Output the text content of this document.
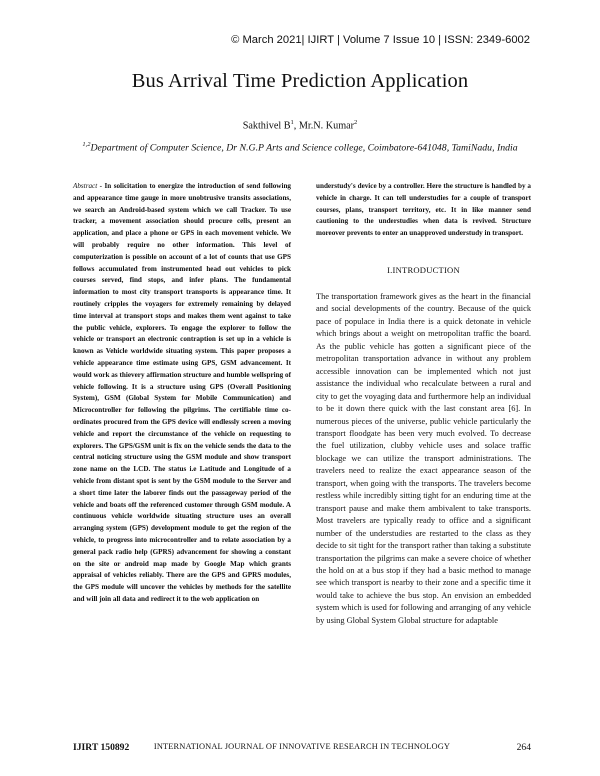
© March 2021| IJIRT | Volume 7 Issue 10 | ISSN: 2349-6002
Bus Arrival Time Prediction Application
Sakthivel $B^1$, Mr.N. Kumar$^2$
$^{1,2}$Department of Computer Science, Dr N.G.P Arts and Science college, Coimbatore-641048, TamiNadu, India
Abstract - In solicitation to energize the introduction of send following and appearance time gauge in more unobtrusive transits associations, we search an Android-based system which we call Tracker. To use tracker, a movement association should procure cells, present an application, and place a phone or GPS in each movement vehicle. We will probably require no other information. This level of computerization is possible on account of a lot of counts that use GPS follows accumulated from instrumented head out vehicles to pick courses served, find stops, and infer plans. The fundamental information to most city transport transports is appearance time. It routinely cripples the voyagers for extremely remaining by delayed time interval at transport stops and makes them went against to take the public vehicle, explorers. To engage the explorer to follow the vehicle or transport an electronic contraption is set up in a vehicle is known as Vehicle worldwide situating system. This paper proposes a vehicle appearance time estimate using GPS, GSM advancement. It would work as thievery affirmation structure and humble wellspring of vehicle following. It is a structure using GPS (Overall Positioning System), GSM (Global System for Mobile Communication) and Microcontroller for following the pilgrims. The certifiable time co-ordinates procured from the GPS device will endlessly screen a moving vehicle and report the circumstance of the vehicle on requesting to explorers. The GPS/GSM unit is fix on the vehicle sends the data to the central noticing structure using the GSM module and show transport zone name on the LCD. The status i.e Latitude and Longitude of a vehicle from distant spot is sent by the GSM module to the Server and a short time later the laborer finds out the passageway period of the vehicle and boats off the referenced customer through GSM module. A continuous vehicle worldwide situating structure uses an overall arranging system (GPS) development module to get the region of the vehicle, to progress into microcontroller and to relate association by a general pack radio help (GPRS) advancement for showing a constant on the site or android map made by Google Map which grants appraisal of vehicles reliably. There are the GPS and GPRS modules, the GPS module will uncover the vehicles by methods for the satellite and will join all data and redirect it to the web application on
understudy's device by a controller. Here the structure is handled by a vehicle in charge. It can tell understudies for a couple of transport courses, plans, transport territory, etc. It in like manner send cautioning to the understudies when data is revived. Structure moreover prevents to enter an unapproved understudy in transport.
I.INTRODUCTION
The transportation framework gives as the heart in the financial and social developments of the country. Because of the quick pace of populace in India there is a quick detonate in vehicle which brings about a weight on metropolitan traffic the board. As the public vehicle has gotten a significant piece of the metropolitan transportation advance in without any problem accessible innovation can be implemented which not just assistance the individual who recalculate between a rural and city to get the voyaging data and furthermore help an individual to be it down there quick with the last constant area [6]. In numerous pieces of the universe, public vehicle particularly the transport floodgate has been very much evolved. To decrease the fuel utilization, clubby vehicle uses and solace traffic blockage we can utilize the transport administrations. The travelers need to realize the exact appearance season of the transport, when going with the transports. The travelers become restless while incredibly sitting tight for an enduring time at the transport pause and make them ambivalent to take transports. Most travelers are typically ready to office and a significant number of the understudies are restarted to the class as they decide to sit tight for the transport rather than taking a substitute transportation the pilgrims can make a severe choice of whether the hold on at a bus stop if they had a basic method to manage see which transport is nearby to their zone and a specific time it would take to achieve the bus stop. An envision an embedded system which is used for following and arranging of any vehicle by using Global System Global structure for adaptable
IJIRT 150892	INTERNATIONAL JOURNAL OF INNOVATIVE RESEARCH IN TECHNOLOGY	264
